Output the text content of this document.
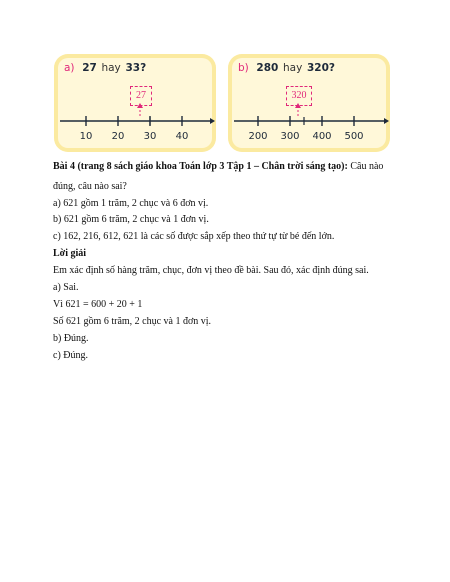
a) 27 hay 33?
27
10 20 30 40
b) 280 hay 320?
320
200 300 400 500
Bài 4 (trang 8 sách giáo khoa Toán lớp 3 Tập 1 – Chân trời sáng tạo): Câu nào
đúng, câu nào sai?
a) 621 gồm 1 trăm, 2 chục và 6 đơn vị.
b) 621 gồm 6 trăm, 2 chục và 1 đơn vị.
c) 162, 216, 612, 621 là các số được sắp xếp theo thứ tự từ bé đến lớn.
Lời giải
Em xác định số hàng trăm, chục, đơn vị theo đề bài. Sau đó, xác định đúng sai.
a) Sai.
Vì 621 = 600 + 20 + 1
Số 621 gồm 6 trăm, 2 chục và 1 đơn vị.
b) Đúng.
c) Đúng.
